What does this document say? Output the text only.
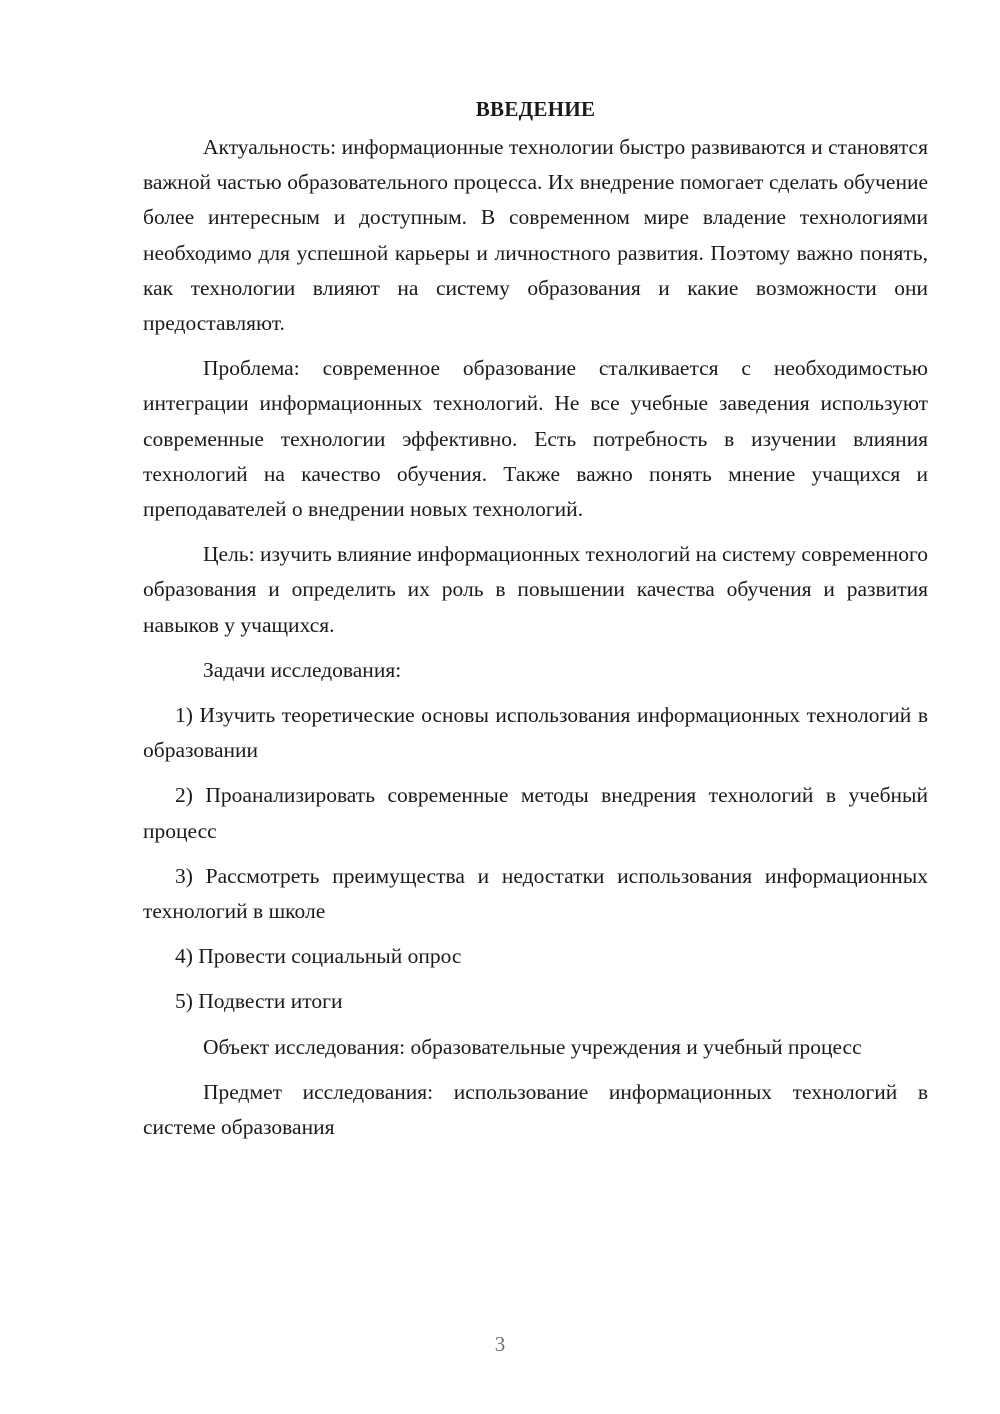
ВВЕДЕНИЕ

Актуальность: информационные технологии быстро развиваются и становятся важной частью образовательного процесса. Их внедрение помогает сделать обучение более интересным и доступным. В современном мире владение технологиями необходимо для успешной карьеры и личностного развития. Поэтому важно понять, как технологии влияют на систему образования и какие возможности они предоставляют.

Проблема: современное образование сталкивается с необходимостью интеграции информационных технологий. Не все учебные заведения используют современные технологии эффективно. Есть потребность в изучении влияния технологий на качество обучения. Также важно понять мнение учащихся и преподавателей о внедрении новых технологий.

Цель: изучить влияние информационных технологий на систему современного образования и определить их роль в повышении качества обучения и развития навыков у учащихся.

Задачи исследования:

1) Изучить теоретические основы использования информационных технологий в образовании

2) Проанализировать современные методы внедрения технологий в учебный процесс

3) Рассмотреть преимущества и недостатки использования информационных технологий в школе

4) Провести социальный опрос

5) Подвести итоги

Объект исследования: образовательные учреждения и учебный процесс

Предмет исследования: использование информационных технологий в системе образования

3
